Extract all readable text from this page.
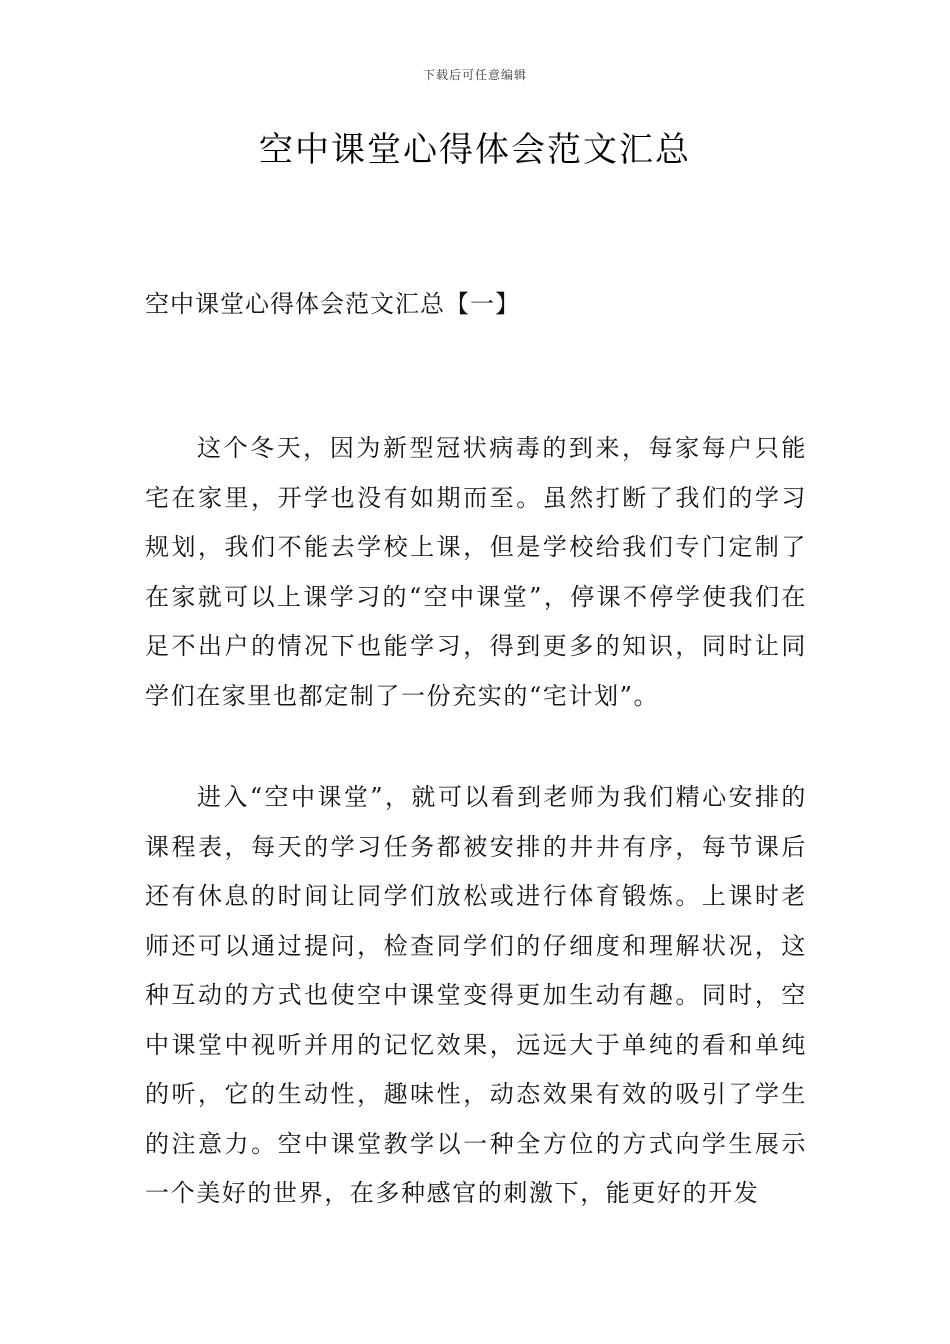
下载后可任意编辑
空中课堂心得体会范文汇总
空中课堂心得体会范文汇总【一】

这个冬天，因为新型冠状病毒的到来，每家每户只能宅在家里，开学也没有如期而至。虽然打断了我们的学习规划，我们不能去学校上课，但是学校给我们专门定制了在家就可以上课学习的“空中课堂”，停课不停学使我们在足不出户的情况下也能学习，得到更多的知识，同时让同学们在家里也都定制了一份充实的“宅计划”。

进入“空中课堂”，就可以看到老师为我们精心安排的课程表，每天的学习任务都被安排的井井有序，每节课后还有休息的时间让同学们放松或进行体育锻炼。上课时老师还可以通过提问，检查同学们的仔细度和理解状况，这种互动的方式也使空中课堂变得更加生动有趣。同时，空中课堂中视听并用的记忆效果，远远大于单纯的看和单纯的听，它的生动性，趣味性，动态效果有效的吸引了学生的注意力。空中课堂教学以一种全方位的方式向学生展示一个美好的世界，在多种感官的刺激下，能更好的开发
